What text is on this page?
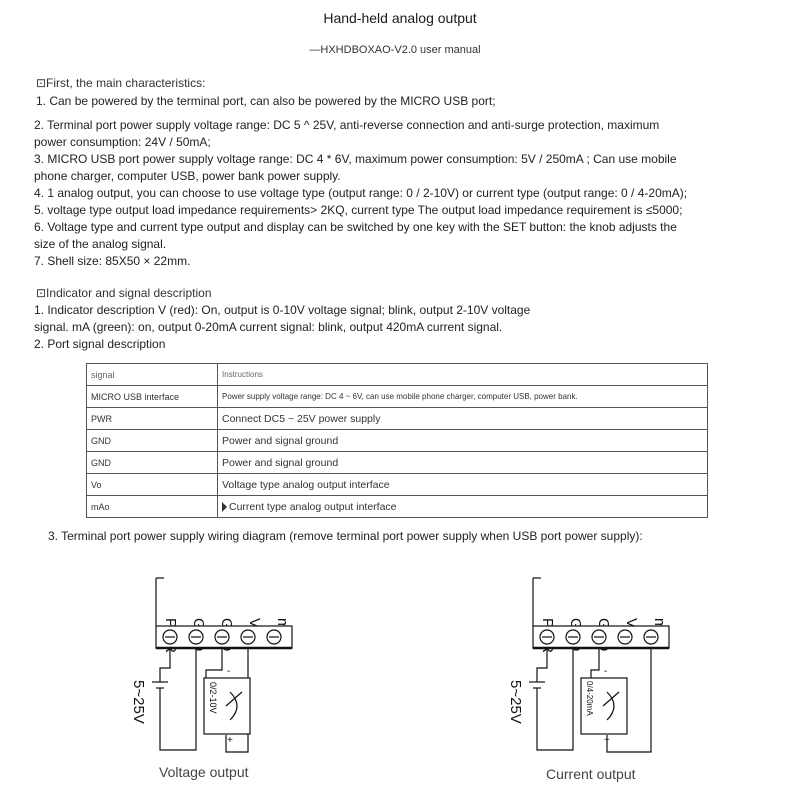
Hand-held analog output
—HXHDBOXAO-V2.0 user manual
⊡First, the main characteristics:
1. Can be powered by the terminal port, can also be powered by the MICRO USB port;
2. Terminal port power supply voltage range: DC 5 ^ 25V, anti-reverse connection and anti-surge protection, maximum
power consumption: 24V / 50mA;
3. MICRO USB port power supply voltage range: DC 4 * 6V, maximum power consumption: 5V / 250mA ; Can use mobile
phone charger, computer USB, power bank power supply.
4. 1 analog output, you can choose to use voltage type (output range: 0 / 2-10V) or current type (output range: 0 / 4-20mA);
5. voltage type output load impedance requirements> 2KQ, current type The output load impedance requirement is ≤5000;
6. Voltage type and current type output and display can be switched by one key with the SET button: the knob adjusts the
size of the analog signal.
7. Shell size: 85X50 × 22mm.
⊡Indicator and signal description
1. Indicator description V (red): On, output is 0-10V voltage signal; blink, output 2-10V voltage
signal. mA (green): on, output 0-20mA current signal: blink, output 420mA current signal.
2. Port signal description
signal	Instructions
MICRO USB interface	Power supply voltage range: DC 4 ~ 6V, can use mobile phone charger, computer USB, power bank.
PWR	Connect DC5 ~ 25V power supply
GND	Power and signal ground
GND	Power and signal ground
Vo	Voltage type analog output interface
mAo	Current type analog output interface
3. Terminal port power supply wiring diagram (remove terminal port power supply when USB port power supply):
5~25V	0/2-10V
-
+
Voltage output
5~25V	0/4-20mA
-
+
Current output
